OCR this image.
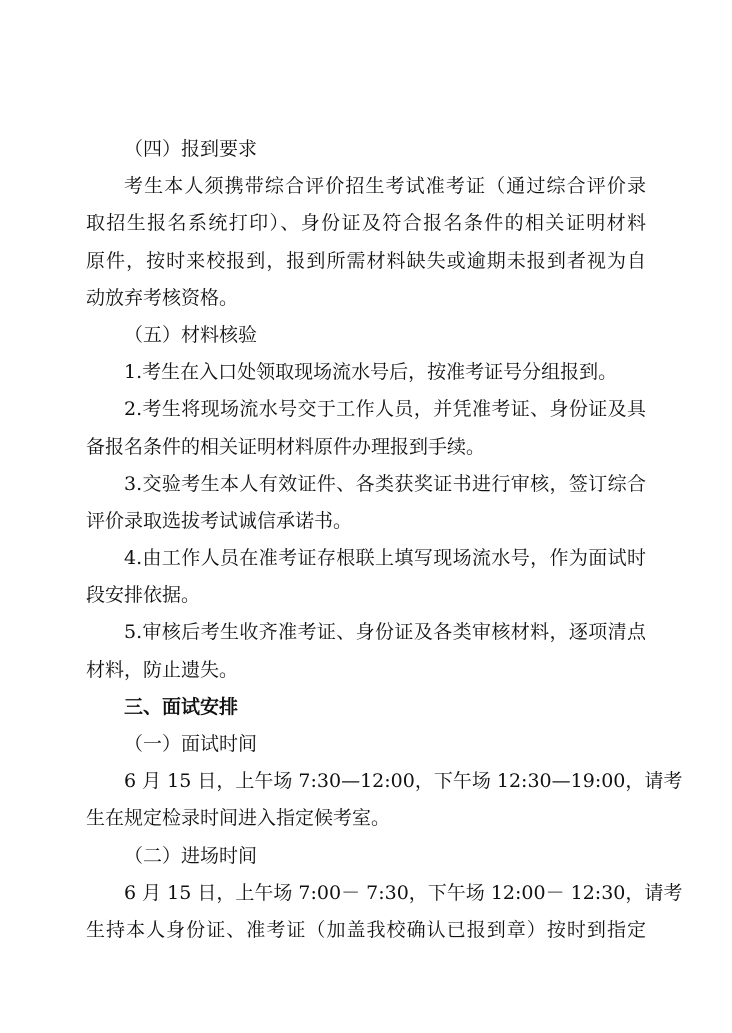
（四）报到要求
考生本人须携带综合评价招生考试准考证（通过综合评价录
取招生报名系统打印）、身份证及符合报名条件的相关证明材料
原件，按时来校报到，报到所需材料缺失或逾期未报到者视为自
动放弃考核资格。
（五）材料核验
1.考生在入口处领取现场流水号后，按准考证号分组报到。
2.考生将现场流水号交于工作人员，并凭准考证、身份证及具
备报名条件的相关证明材料原件办理报到手续。
3.交验考生本人有效证件、各类获奖证书进行审核，签订综合
评价录取选拔考试诚信承诺书。
4.由工作人员在准考证存根联上填写现场流水号，作为面试时
段安排依据。
5.审核后考生收齐准考证、身份证及各类审核材料，逐项清点
材料，防止遗失。
三、面试安排
（一）面试时间
6 月 15 日，上午场 7:30—12:00，下午场 12:30—19:00，请考
生在规定检录时间进入指定候考室。
（二）进场时间
6 月 15 日，上午场 7:00－ 7:30，下午场 12:00－ 12:30，请考
生持本人身份证、准考证（加盖我校确认已报到章）按时到指定
